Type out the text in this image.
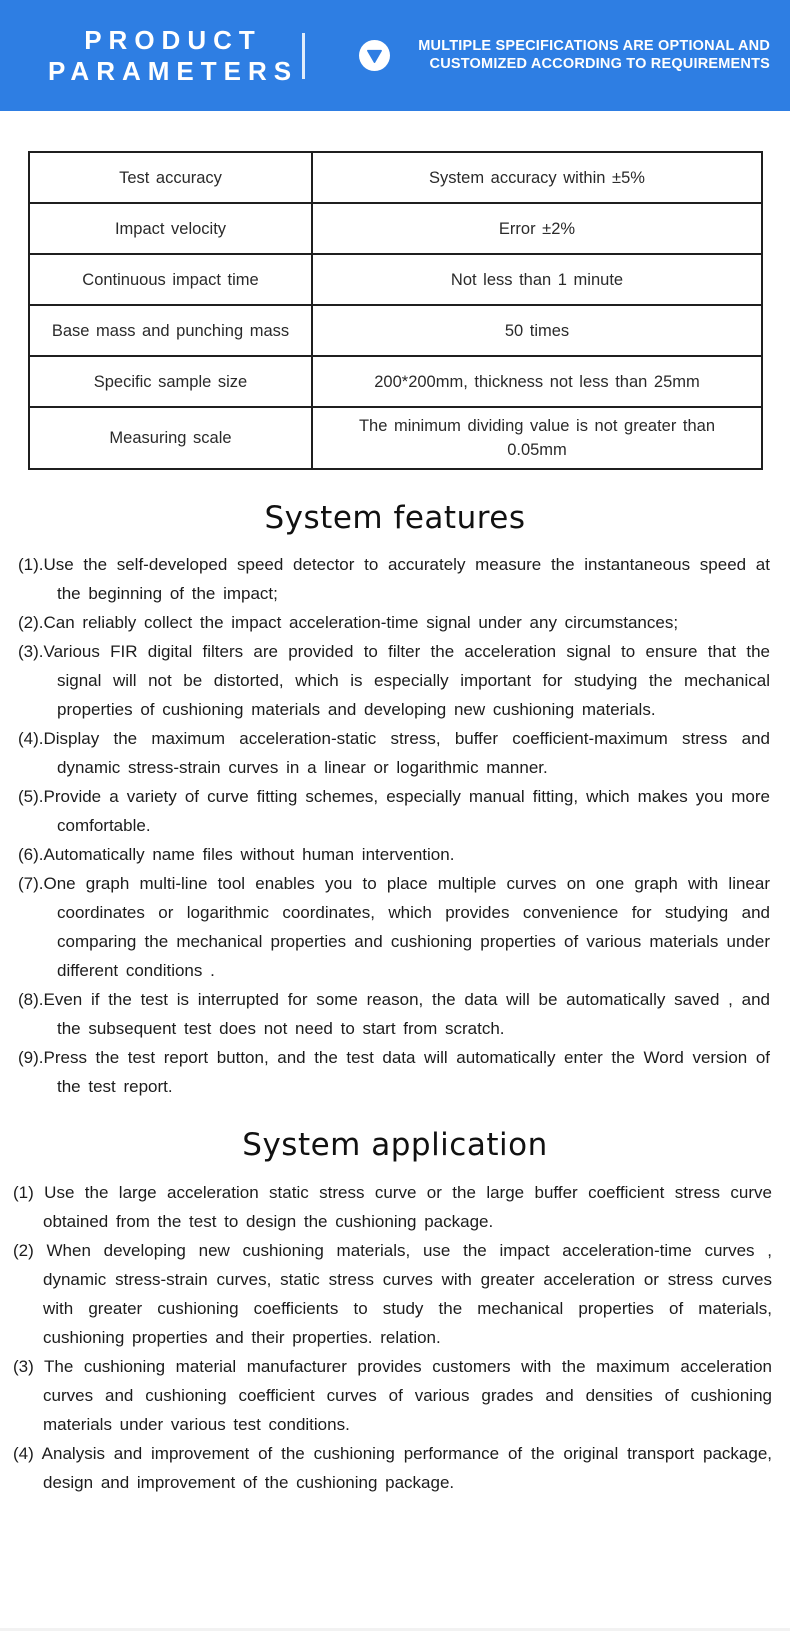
PRODUCT
PARAMETERS
MULTIPLE SPECIFICATIONS ARE OPTIONAL AND
CUSTOMIZED ACCORDING TO REQUIREMENTS
Test accuracy	System accuracy within ±5%
Impact velocity	Error ±2%
Continuous impact time	Not less than 1 minute
Base mass and punching mass	50 times
Specific sample size	200*200mm, thickness not less than 25mm
Measuring scale	The minimum dividing value is not greater than 0.05mm
System features
(1).Use the self-developed speed detector to accurately measure the instantaneous speed at the beginning of the impact;
(2).Can reliably collect the impact acceleration-time signal under any circumstances;
(3).Various FIR digital filters are provided to filter the acceleration signal to ensure that the signal will not be distorted, which is especially important for studying the mechanical properties of cushioning materials and developing new cushioning materials.
(4).Display the maximum acceleration-static stress, buffer coefficient-maximum stress and dynamic stress-strain curves in a linear or logarithmic manner.
(5).Provide a variety of curve fitting schemes, especially manual fitting, which makes you more comfortable.
(6).Automatically name files without human intervention.
(7).One graph multi-line tool enables you to place multiple curves on one graph with linear coordinates or logarithmic coordinates, which provides convenience for studying and comparing the mechanical properties and cushioning properties of various materials under different conditions .
(8).Even if the test is interrupted for some reason, the data will be automatically saved , and the subsequent test does not need to start from scratch.
(9).Press the test report button, and the test data will automatically enter the Word version of the test report.
System application
(1) Use the large acceleration static stress curve or the large buffer coefficient stress curve obtained from the test to design the cushioning package.
(2) When developing new cushioning materials, use the impact acceleration-time curves , dynamic stress-strain curves, static stress curves with greater acceleration or stress curves with greater cushioning coefficients to study the mechanical properties of materials, cushioning properties and their properties. relation.
(3) The cushioning material manufacturer provides customers with the maximum acceleration curves and cushioning coefficient curves of various grades and densities of cushioning materials under various test conditions.
(4) Analysis and improvement of the cushioning performance of the original transport package, design and improvement of the cushioning package.
